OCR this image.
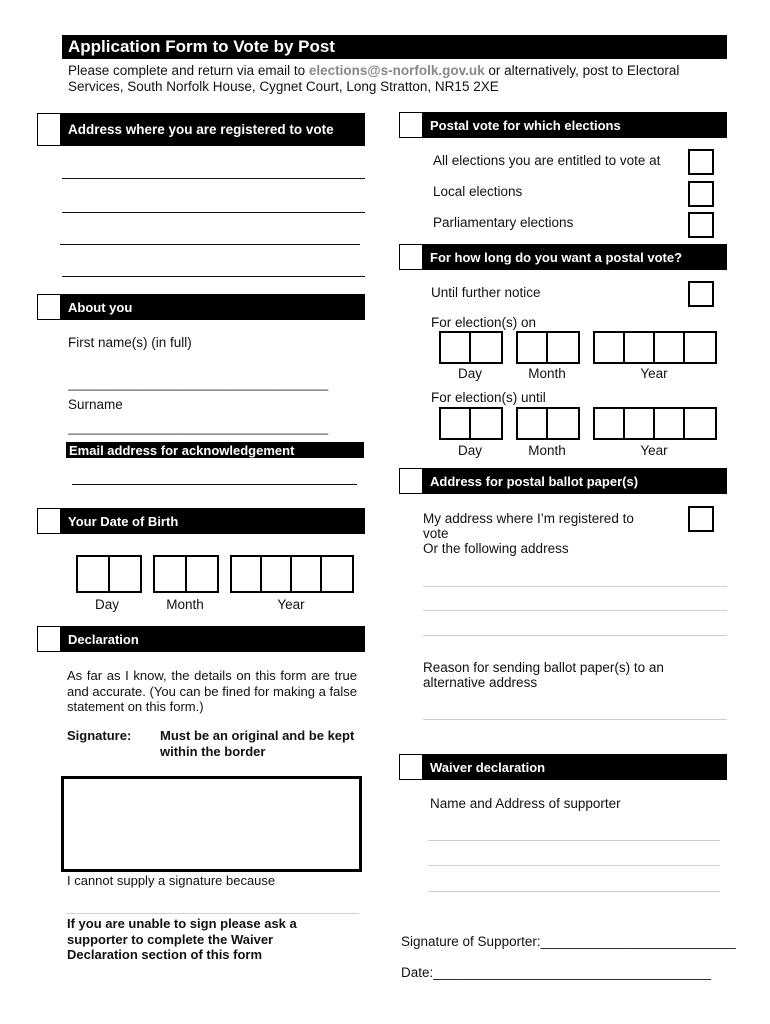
Application Form to Vote by Post
Please complete and return via email to elections@s-norfolk.gov.uk or alternatively, post to Electoral Services, South Norfolk House, Cygnet Court, Long Stratton, NR15 2XE
Address where you are registered to vote
About you
First name(s) (in full)
____________________________________
Surname
____________________________________
Email address for acknowledgement
Your Date of Birth
Day	Month	Year
Declaration
As far as I know, the details on this form are true and accurate. (You can be fined for making a false statement on this form.)
Signature: Must be an original and be kept within the border
I cannot supply a signature because
If you are unable to sign please ask a supporter to complete the Waiver Declaration section of this form
Postal vote for which elections
All elections you are entitled to vote at
Local elections
Parliamentary elections
For how long do you want a postal vote?
Until further notice
For election(s) on
Day	Month	Year
For election(s) until
Day	Month	Year
Address for postal ballot paper(s)
My address where I’m registered to vote
Or the following address
Reason for sending ballot paper(s) to an alternative address
Waiver declaration
Name and Address of supporter
Signature of Supporter:__________________________
Date:_____________________________________
